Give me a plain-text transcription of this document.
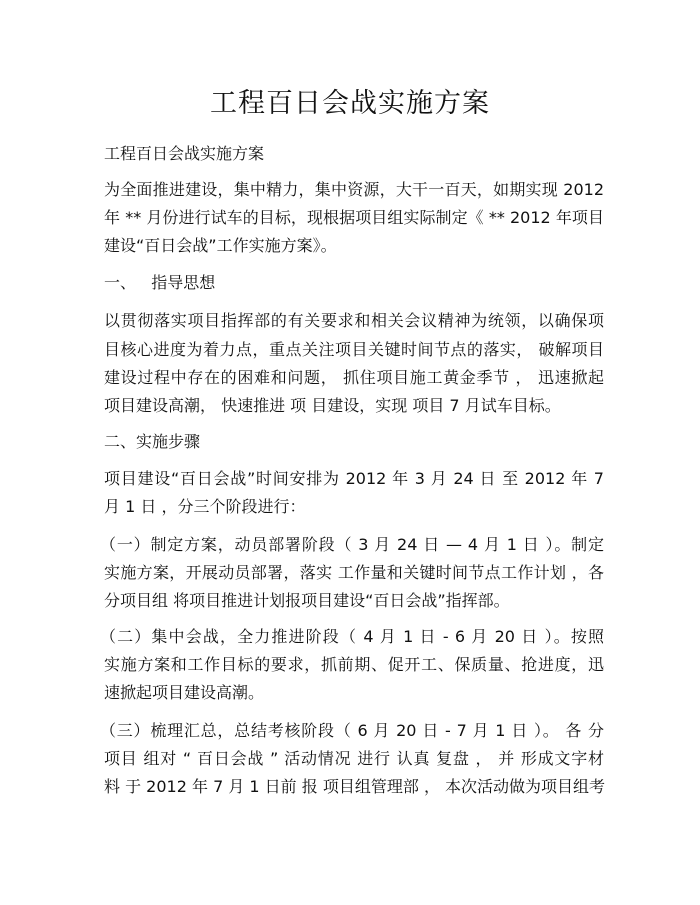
工程百日会战实施方案

工程百日会战实施方案

为全面推进建设，集中精力，集中资源，大干一百天，如期实现 2012

年 ** 月份进行试车的目标，现根据项目组实际制定《 ** 2012 年项目

建设“百日会战”工作实施方案》。

一、   指导思想

以贯彻落实项目指挥部的有关要求和相关会议精神为统领，以确保项

目核心进度为着力点，重点关注项目关键时间节点的落实， 破解项目

建设过程中存在的困难和问题， 抓住项目施工黄金季节 ， 迅速掀起

项目建设高潮， 快速推进 项 目建设，实现 项目 7 月试车目标。

二、实施步骤

项目建设“百日会战”时间安排为 2012 年 3 月 24 日 至 2012 年 7

月 1 日 ，分三个阶段进行：

（一）制定方案，动员部署阶段（ 3 月 24 日 — 4 月 1 日 ）。制定

实施方案，开展动员部署，落实 工作量和关键时间节点工作计划 ，各

分项目组 将项目推进计划报项目建设“百日会战”指挥部。

（二）集中会战，全力推进阶段（ 4 月 1 日 - 6 月 20 日 ）。按照

实施方案和工作目标的要求，抓前期、促开工、保质量、抢进度，迅

速掀起项目建设高潮。

（三）梳理汇总，总结考核阶段（ 6 月 20 日 - 7 月 1 日 ）。 各 分

项目 组对 “ 百日会战 ” 活动情况 进行 认真 复盘 ， 并 形成文字材

料 于 2012 年 7 月 1 日前 报 项目组管理部 ， 本次活动做为项目组考
